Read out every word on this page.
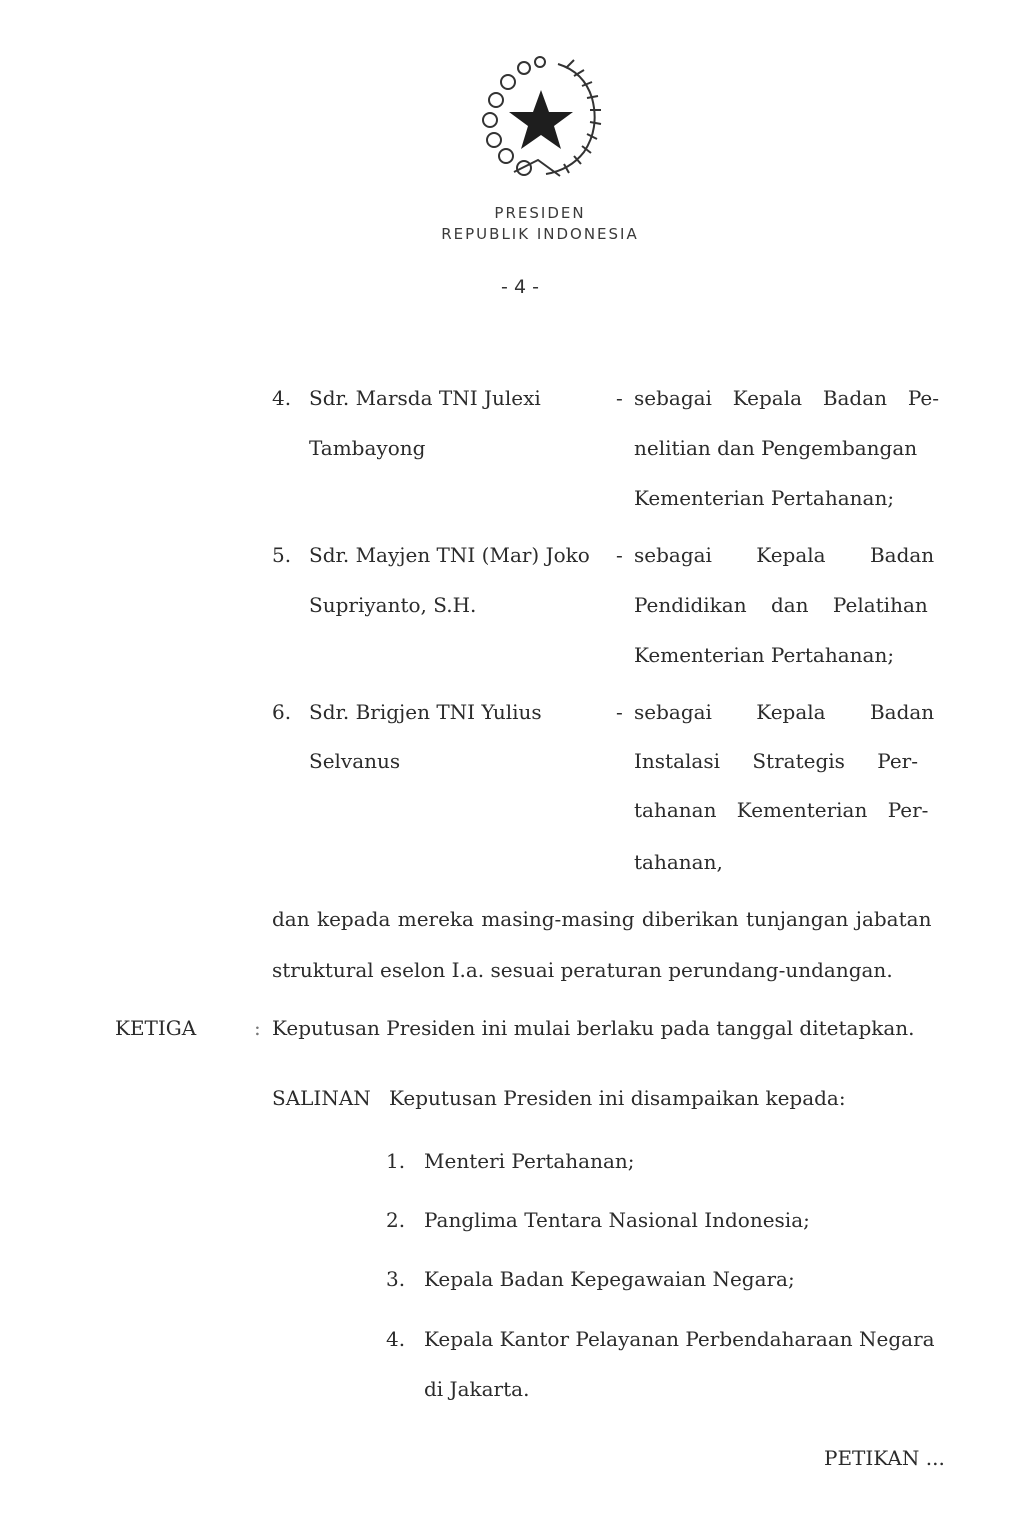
PRESIDEN
REPUBLIK INDONESIA
- 4 -
4. Sdr. Marsda TNI Julexi
Tambayong
- sebagai Kepala Badan Pe-
nelitian dan Pengembangan
Kementerian Pertahanan;
5. Sdr. Mayjen TNI (Mar) Joko
Supriyanto, S.H.
- sebagai Kepala Badan
Pendidikan dan Pelatihan
Kementerian Pertahanan;
6. Sdr. Brigjen TNI Yulius
Selvanus
- sebagai Kepala Badan
Instalasi Strategis Per-
tahanan Kementerian Per-
tahanan,
dan kepada mereka masing-masing diberikan tunjangan jabatan
struktural eselon I.a. sesuai peraturan perundang-undangan.
KETIGA	: Keputusan Presiden ini mulai berlaku pada tanggal ditetapkan.
SALINAN Keputusan Presiden ini disampaikan kepada:
1. Menteri Pertahanan;
2. Panglima Tentara Nasional Indonesia;
3. Kepala Badan Kepegawaian Negara;
4. Kepala Kantor Pelayanan Perbendaharaan Negara
di Jakarta.
PETIKAN ...
